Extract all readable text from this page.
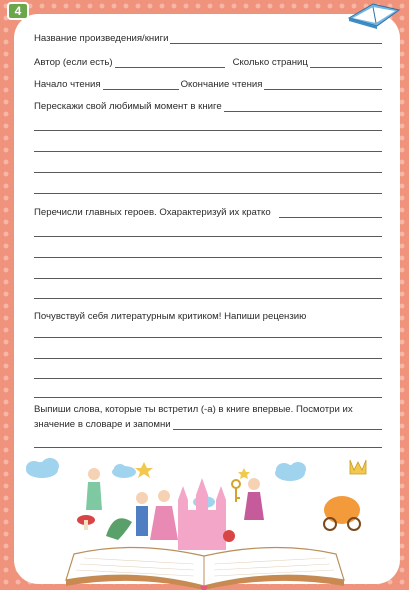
4
Название произведения/книги
Автор (если есть)	Сколько страниц
Начало чтения	Окончание чтения
Перескажи свой любимый момент в книге
Перечисли главных героев. Охарактеризуй их кратко
Почувствуй себя литературным критиком! Напиши рецензию
Выпиши слова, которые ты встретил (-а) в книге впервые. Посмотри их
значение в словаре и запомни
